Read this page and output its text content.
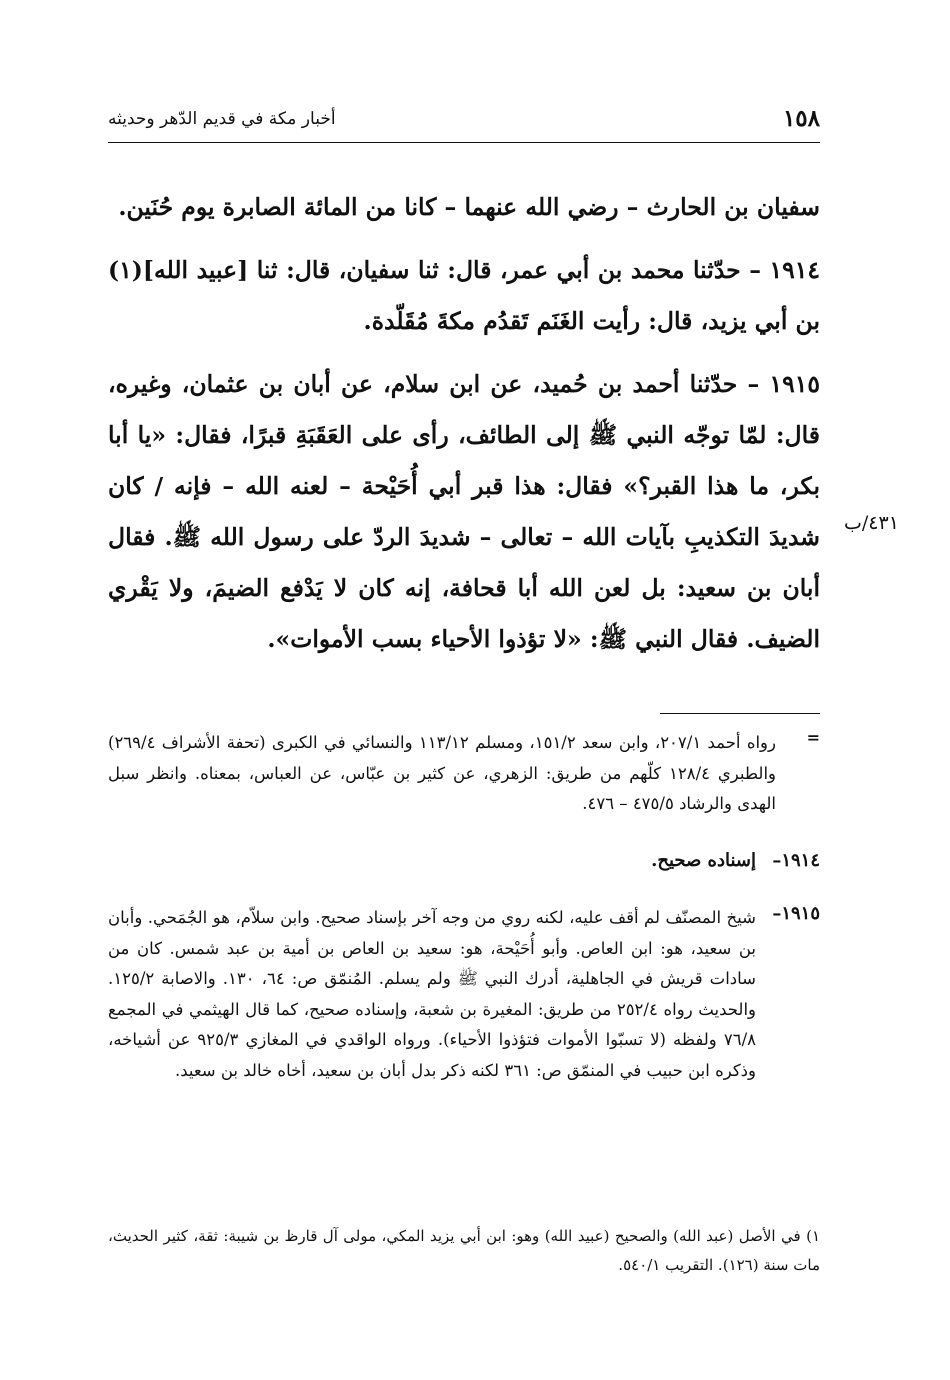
١٥٨
أخبار مكة في قديم الدّهر وحديثه

سفيان بن الحارث – رضي الله عنهما – كانا من المائة الصابرة يوم حُنَين.

١٩١٤ – حدّثنا محمد بن أبي عمر، قال: ثنا سفيان، قال: ثنا [عبيد الله](١) بن أبي يزيد، قال: رأيت الغَنَم تَقدُم مكةَ مُقَلّدة.

١٩١٥ – حدّثنا أحمد بن حُميد، عن ابن سلام، عن أبان بن عثمان، وغيره، قال: لمّا توجّه النبي ﷺ إلى الطائف، رأى على العَقَبَةِ قبرًا، فقال: «يا أبا بكر، ما هذا القبر؟» فقال: هذا قبر أبي أُحَيْحة – لعنه الله – فإنه / كان شديدَ التكذيبِ بآيات الله – تعالى – شديدَ الردّ على رسول الله ﷺ. فقال أبان بن سعيد: بل لعن الله أبا قحافة، إنه كان لا يَدْفع الضيمَ، ولا يَقْري الضيف. فقال النبي ﷺ: «لا تؤذوا الأحياء بسب الأموات».

٤٣١/ب
=
رواه أحمد ٢٠٧/١، وابن سعد ١٥١/٢، ومسلم ١١٣/١٢ والنسائي في الكبرى (تحفة الأشراف ٢٦٩/٤) والطبري ١٢٨/٤ كلّهم من طريق: الزهري، عن كثير بن عبّاس، عن العباس، بمعناه. وانظر سبل الهدى والرشاد ٤٧٥/٥ – ٤٧٦.
١٩١٤–
إسناده صحيح.
١٩١٥–
شيخ المصنّف لم أقف عليه، لكنه روي من وجه آخر بإسناد صحيح. وابن سلاّم، هو الجُمَحي. وأبان بن سعيد، هو: ابن العاص. وأبو أُحَيْحة، هو: سعيد بن العاص بن أمية بن عبد شمس. كان من سادات قريش في الجاهلية، أدرك النبي ﷺ ولم يسلم. المُنمّق ص: ٦٤، ١٣٠. والاصابة ١٢٥/٢. والحديث رواه ٢٥٢/٤ من طريق: المغيرة بن شعبة، وإسناده صحيح، كما قال الهيثمي في المجمع ٧٦/٨ ولفظه (لا تسبّوا الأموات فتؤذوا الأحياء). ورواه الواقدي في المغازي ٩٢٥/٣ عن أشياخه، وذكره ابن حبيب في المنمّق ص: ٣٦١ لكنه ذكر بدل أبان بن سعيد، أخاه خالد بن سعيد.
١) في الأصل (عبد الله) والصحيح (عبيد الله) وهو: ابن أبي يزيد المكي، مولى آل قارظ بن شيبة: ثقة، كثير الحديث، مات سنة (١٢٦). التقريب ٥٤٠/١.
